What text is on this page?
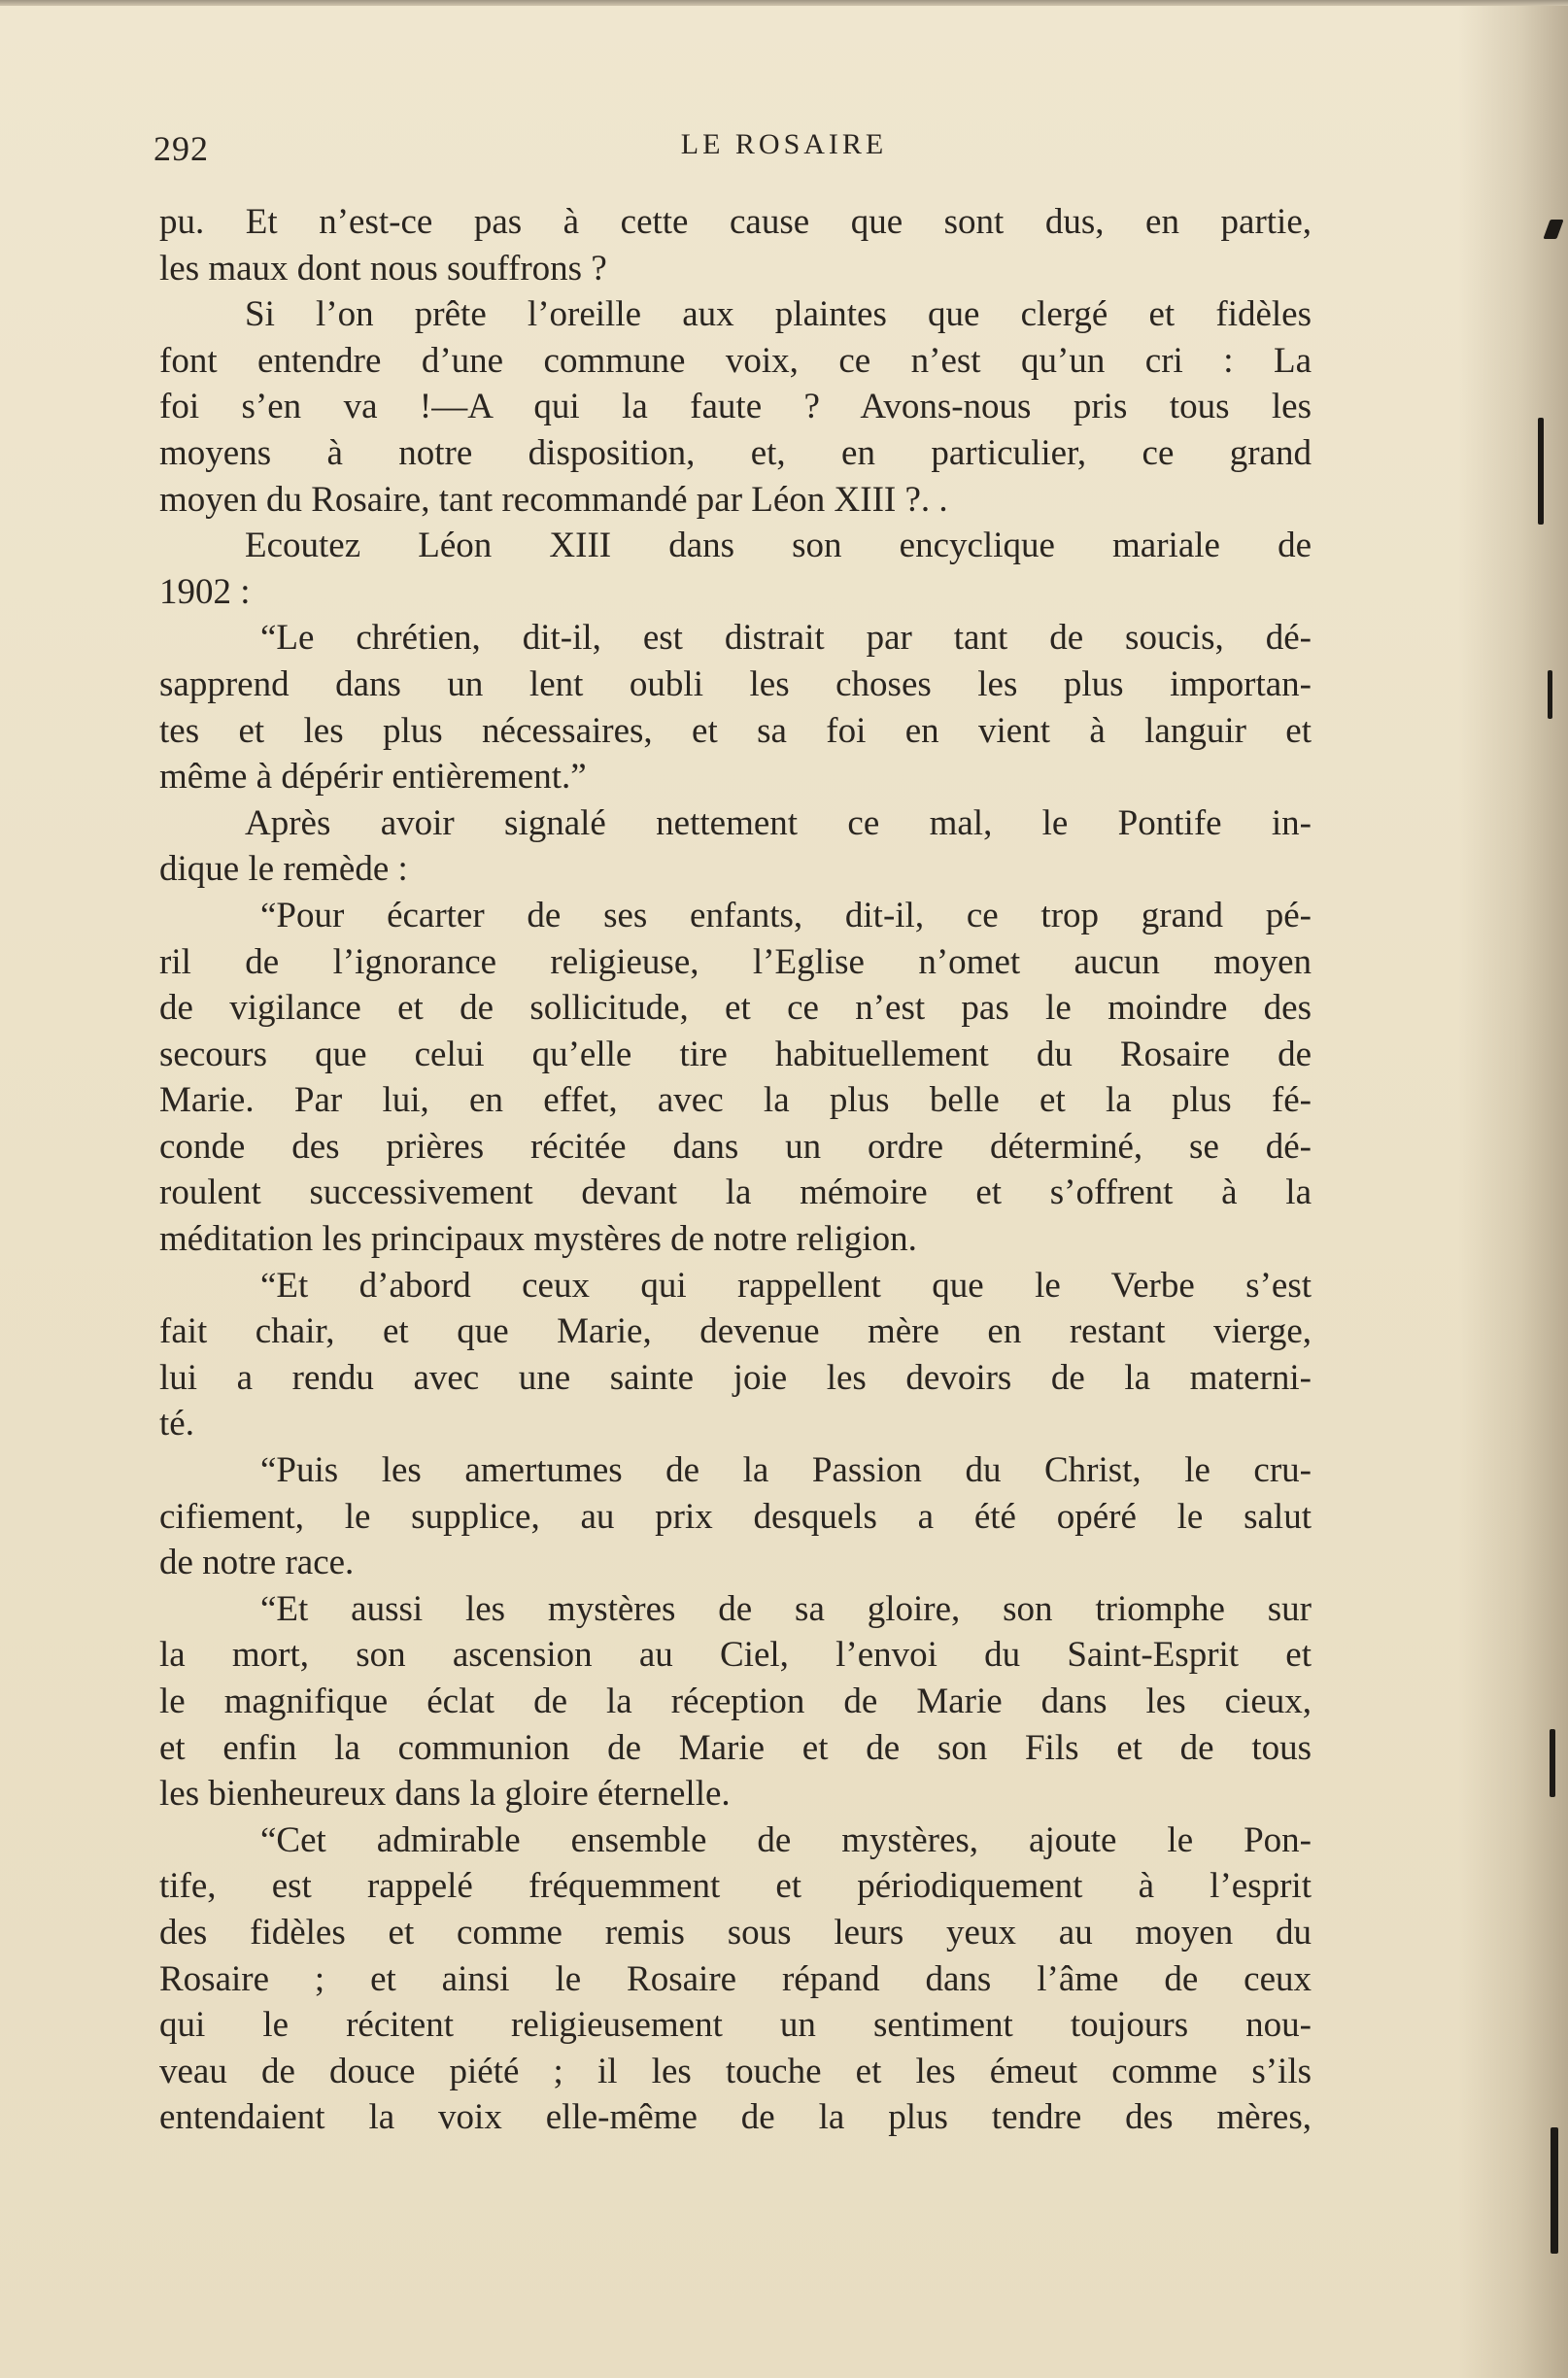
292	LE ROSAIRE
pu. Et n’est-ce pas à cette cause que sont dus, en partie,
les maux dont nous souffrons ?
Si l’on prête l’oreille aux plaintes que clergé et fidèles
font entendre d’une commune voix, ce n’est qu’un cri : La
foi s’en va !—A qui la faute ? Avons-nous pris tous les
moyens à notre disposition, et, en particulier, ce grand
moyen du Rosaire, tant recommandé par Léon XIII ?. .
Ecoutez Léon XIII dans son encyclique mariale de
1902 :
“Le chrétien, dit-il, est distrait par tant de soucis, dé-
sapprend dans un lent oubli les choses les plus importan-
tes et les plus nécessaires, et sa foi en vient à languir et
même à dépérir entièrement.”
Après avoir signalé nettement ce mal, le Pontife in-
dique le remède :
“Pour écarter de ses enfants, dit-il, ce trop grand pé-
ril de l’ignorance religieuse, l’Eglise n’omet aucun moyen
de vigilance et de sollicitude, et ce n’est pas le moindre des
secours que celui qu’elle tire habituellement du Rosaire de
Marie. Par lui, en effet, avec la plus belle et la plus fé-
conde des prières récitée dans un ordre déterminé, se dé-
roulent successivement devant la mémoire et s’offrent à la
méditation les principaux mystères de notre religion.
“Et d’abord ceux qui rappellent que le Verbe s’est
fait chair, et que Marie, devenue mère en restant vierge,
lui a rendu avec une sainte joie les devoirs de la materni-
té.
“Puis les amertumes de la Passion du Christ, le cru-
cifiement, le supplice, au prix desquels a été opéré le salut
de notre race.
“Et aussi les mystères de sa gloire, son triomphe sur
la mort, son ascension au Ciel, l’envoi du Saint-Esprit et
le magnifique éclat de la réception de Marie dans les cieux,
et enfin la communion de Marie et de son Fils et de tous
les bienheureux dans la gloire éternelle.
“Cet admirable ensemble de mystères, ajoute le Pon-
tife, est rappelé fréquemment et périodiquement à l’esprit
des fidèles et comme remis sous leurs yeux au moyen du
Rosaire ; et ainsi le Rosaire répand dans l’âme de ceux
qui le récitent religieusement un sentiment toujours nou-
veau de douce piété ; il les touche et les émeut comme s’ils
entendaient la voix elle-même de la plus tendre des mères,
